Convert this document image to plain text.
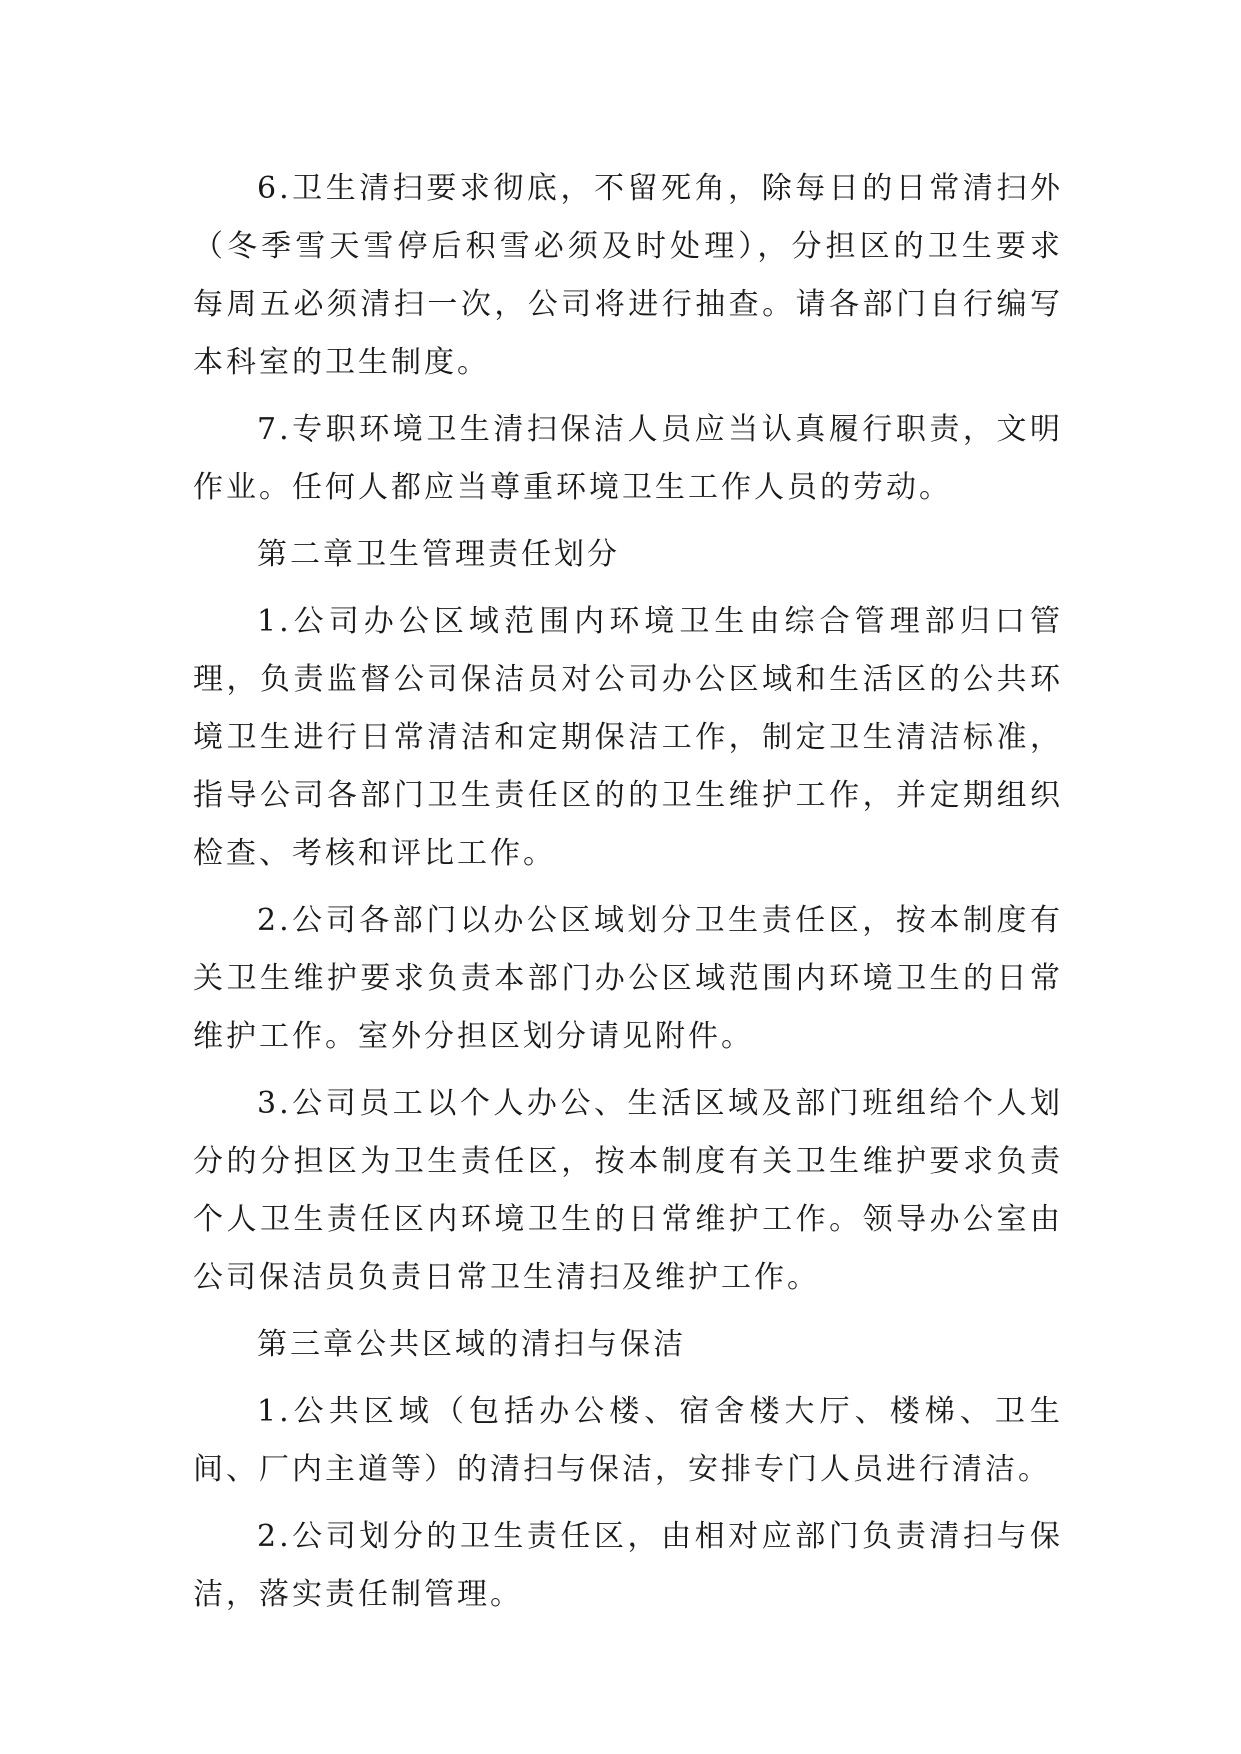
6.卫生清扫要求彻底，不留死角，除每日的日常清扫外（冬季雪天雪停后积雪必须及时处理），分担区的卫生要求每周五必须清扫一次，公司将进行抽查。请各部门自行编写本科室的卫生制度。

7.专职环境卫生清扫保洁人员应当认真履行职责，文明作业。任何人都应当尊重环境卫生工作人员的劳动。

第二章卫生管理责任划分

1.公司办公区域范围内环境卫生由综合管理部归口管理，负责监督公司保洁员对公司办公区域和生活区的公共环境卫生进行日常清洁和定期保洁工作，制定卫生清洁标准，指导公司各部门卫生责任区的的卫生维护工作，并定期组织检查、考核和评比工作。

2.公司各部门以办公区域划分卫生责任区，按本制度有关卫生维护要求负责本部门办公区域范围内环境卫生的日常维护工作。室外分担区划分请见附件。

3.公司员工以个人办公、生活区域及部门班组给个人划分的分担区为卫生责任区，按本制度有关卫生维护要求负责个人卫生责任区内环境卫生的日常维护工作。领导办公室由公司保洁员负责日常卫生清扫及维护工作。

第三章公共区域的清扫与保洁

1.公共区域（包括办公楼、宿舍楼大厅、楼梯、卫生间、厂内主道等）的清扫与保洁，安排专门人员进行清洁。

2.公司划分的卫生责任区，由相对应部门负责清扫与保洁，落实责任制管理。
